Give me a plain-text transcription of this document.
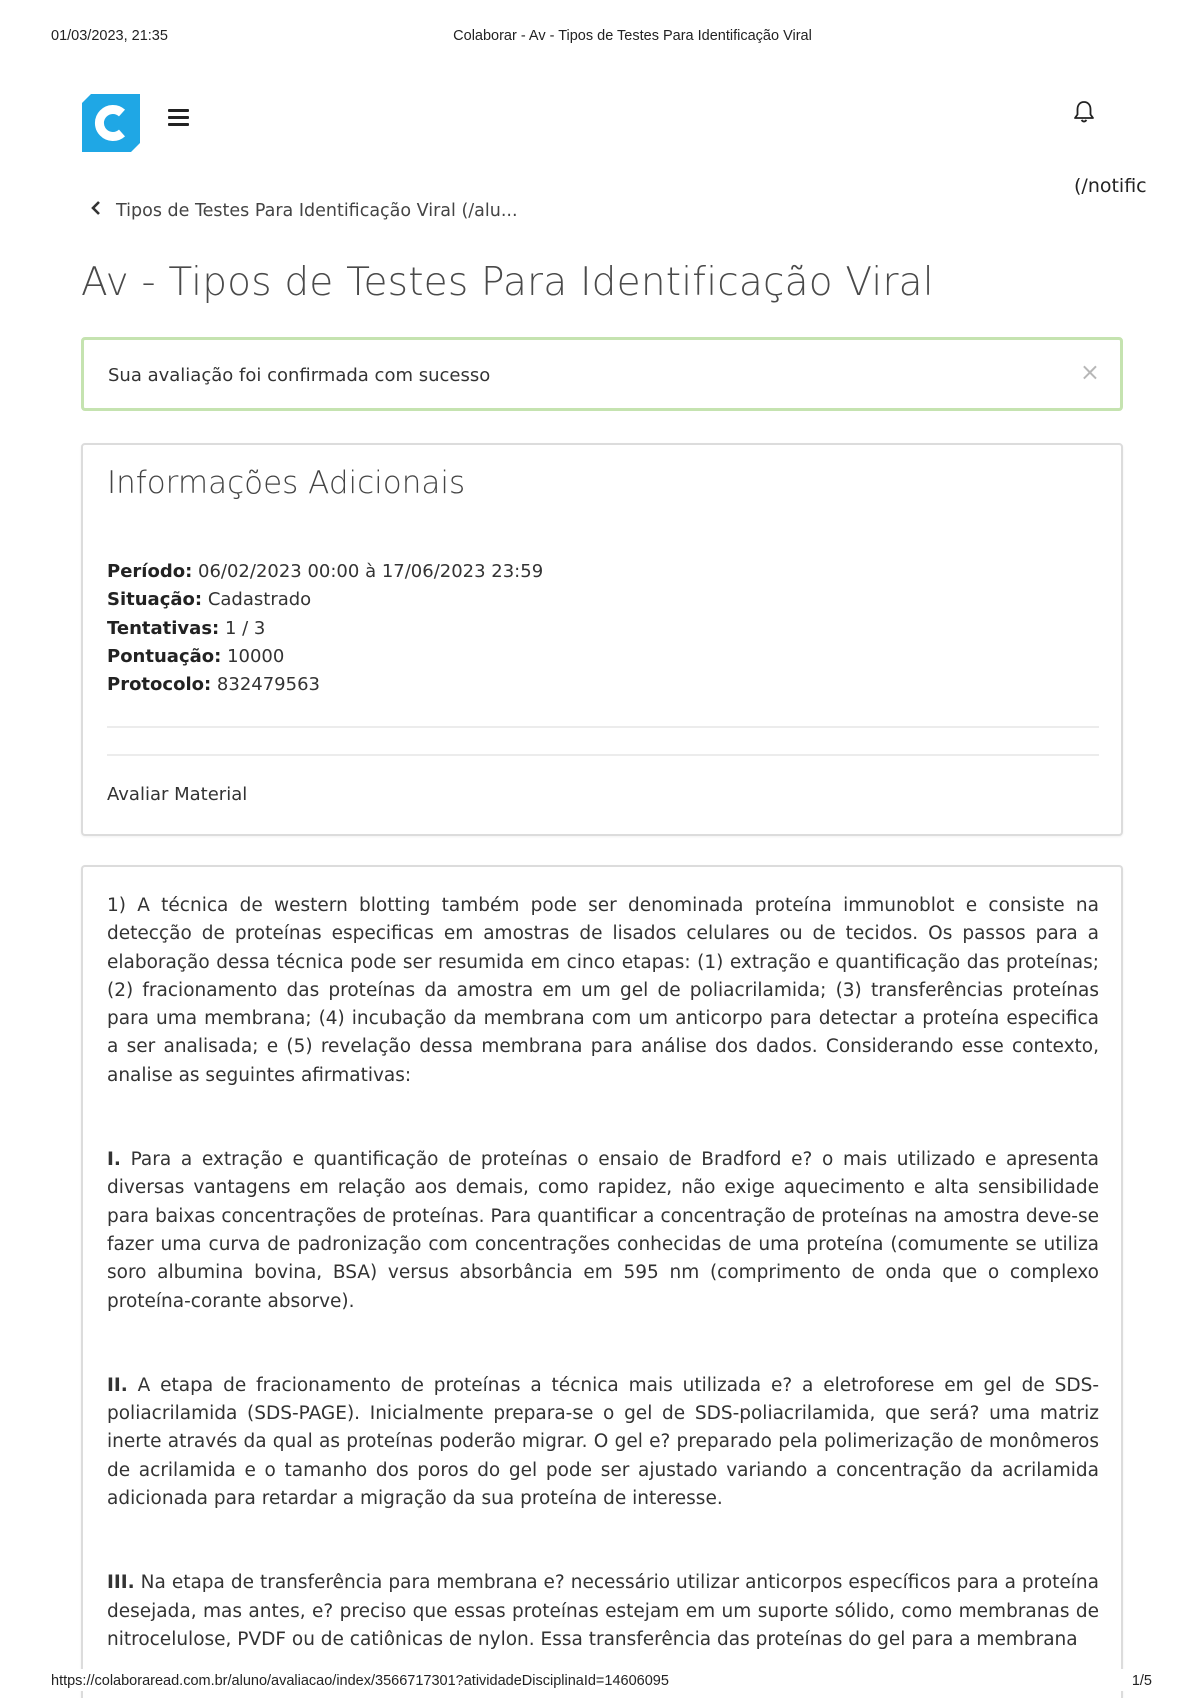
01/03/2023, 21:35	Colaborar - Av - Tipos de Testes Para Identificação Viral
(/notific
Tipos de Testes Para Identificação Viral (/alu...
Av - Tipos de Testes Para Identificação Viral
Sua avaliação foi confirmada com sucesso	×
Informações Adicionais
Período: 06/02/2023 00:00 à 17/06/2023 23:59
Situação: Cadastrado
Tentativas: 1 / 3
Pontuação: 10000
Protocolo: 832479563
Avaliar Material

1) A técnica de western blotting também pode ser denominada proteína immunoblot e consiste na detecção de proteínas especificas em amostras de lisados celulares ou de tecidos. Os passos para a elaboração dessa técnica pode ser resumida em cinco etapas: (1) extração e quantificação das proteínas; (2) fracionamento das proteínas da amostra em um gel de poliacrilamida; (3) transferências proteínas para uma membrana; (4) incubação da membrana com um anticorpo para detectar a proteína especifica a ser analisada; e (5) revelação dessa membrana para análise dos dados. Considerando esse contexto, analise as seguintes afirmativas:

I. Para a extração e quantificação de proteínas o ensaio de Bradford e? o mais utilizado e apresenta diversas vantagens em relação aos demais, como rapidez, não exige aquecimento e alta sensibilidade para baixas concentrações de proteínas. Para quantificar a concentração de proteínas na amostra deve-se fazer uma curva de padronização com concentrações conhecidas de uma proteína (comumente se utiliza soro albumina bovina, BSA) versus absorbância em 595 nm (comprimento de onda que o complexo proteína-corante absorve).

II. A etapa de fracionamento de proteínas a técnica mais utilizada e? a eletroforese em gel de SDS-poliacrilamida (SDS-PAGE). Inicialmente prepara-se o gel de SDS-poliacrilamida, que será? uma matriz inerte através da qual as proteínas poderão migrar. O gel e? preparado pela polimerização de monômeros de acrilamida e o tamanho dos poros do gel pode ser ajustado variando a concentração da acrilamida adicionada para retardar a migração da sua proteína de interesse.

III. Na etapa de transferência para membrana e? necessário utilizar anticorpos específicos para a proteína desejada, mas antes, e? preciso que essas proteínas estejam em um suporte sólido, como membranas de nitrocelulose, PVDF ou de catiônicas de nylon. Essa transferência das proteínas do gel para a membrana

https://colaboraread.com.br/aluno/avaliacao/index/3566717301?atividadeDisciplinaId=14606095	1/5
